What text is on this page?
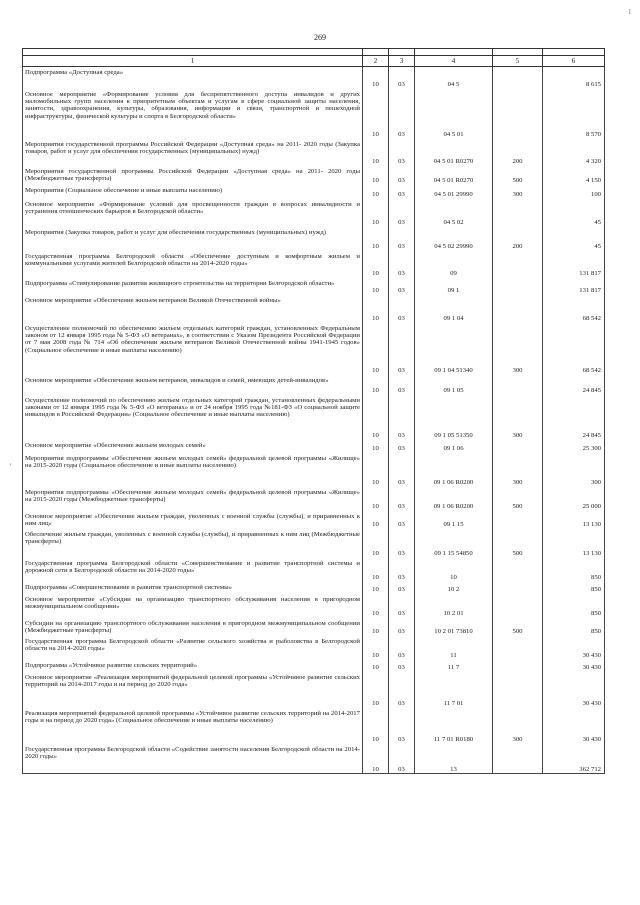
269
1
'

1	2	3	4	5	6
Подпрограмма «Доступная среда»	10	03	04 5		8 615
Основное мероприятие «Формирование условия для беспрепятственного доступа инвалидов и других маломобильных групп населения к приоритетным объектам и услугам в сфере социальной защиты населения, занятости, здравоохранения, культуры, образования, информации и связи, транспортной и пешеходной инфраструктуры, физической культуры и спорта в Белгородской области»	10	03	04 5 01		8 570
Мероприятия государственной программы Российской Федерации «Доступная среда» на 2011- 2020 годы (Закупка товаров, работ и услуг для обеспечения государственных (муниципальных) нужд)	10	03	04 5 01 R0270	200	4 320
Мероприятия государственной программы Российской Федерации «Доступная среда» на 2011- 2020 годы (Межбюджетные трансферты)	10	03	04 5 01 R0270	500	4 150
Мероприятия (Социальное обеспечение и иные выплаты населению)	10	03	04 5 01 29990	300	100
Основное мероприятие «Формирование условий для просвещенности граждан в вопросах инвалидности и устранения отношенческих барьеров в Белгородской области»	10	03	04 5 02		45
Мероприятия (Закупка товаров, работ и услуг для обеспечения государственных (муниципальных) нужд)	10	03	04 5 02 29990	200	45
Государственная программа Белгородской области «Обеспечение доступным и комфортным жильем и коммунальными услугами жителей Белгородской области на 2014-2020 годы»	10	03	09		131 817
Подпрограмма «Стимулирование развития жилищного строительства на территории Белгородской области»	10	03	09 1		131 817
Основное мероприятие «Обеспечение жильем ветеранов Великой Отечественной войны»	10	03	09 1 04		68 542
Осуществление полномочий по обеспечению жильем отдельных категорий граждан, установленных Федеральным законом от 12 января 1995 года № 5-ФЗ «О ветеранах», в соответствии с Указом Президента Российской Федерации от 7 мая 2008 года № 714 «Об обеспечении жильем ветеранов Великой Отечественной войны 1941-1945 годов» (Социальное обеспечение и иные выплаты населению)	10	03	09 1 04 51340	300	68 542
Основное мероприятие «Обеспечение жильем ветеранов, инвалидов и семей, имеющих детей-инвалидов»	10	03	09 1 05		24 845
Осуществление полномочий по обеспечению жильем отдельных категорий граждан, установленных федеральными законами от 12 января 1995 года № 5-ФЗ «О ветеранах» и от 24 ноября 1995 года №181-ФЗ «О социальной защите инвалидов в Российской Федерации» (Социальное обеспечение и иные выплаты населению)	10	03	09 1 05 51350	300	24 845
Основное мероприятие «Обеспечение жильем молодых семей»	10	03	09 1 06		25 300
Мероприятия подпрограммы «Обеспечение жильем молодых семей» федеральной целевой программы «Жилище» на 2015-2020 годы (Социальное обеспечение и иные выплаты населению)	10	03	09 1 06 R0200	300	300
Мероприятия подпрограммы «Обеспечение жильем молодых семей» федеральной целевой программы «Жилище» на 2015-2020 годы (Межбюджетные трансферты)	10	03	09 1 06 R0200	500	25 000
Основное мероприятие «Обеспечение жильем граждан, уволенных с военной службы (службы), и приравненных к ним лиц»	10	03	09 1 15		13 130
Обеспечение жильем граждан, уволенных с военной службы (службы), и приравненных к ним лиц (Межбюджетные трансферты)	10	03	09 1 15 54850	500	13 130
Государственная программа Белгородской области «Совершенствование и развитие транспортной системы и дорожной сети в Белгородской области на 2014-2020 годы»	10	03	10		850
Подпрограмма «Совершенствование и развитие транспортной системы»	10	03	10 2		850
Основное мероприятие «Субсидии на организацию транспортного обслуживания населения в пригородном межмуниципальном сообщении»	10	03	10 2 01		850
Субсидии на организацию транспортного обслуживания населения в пригородном межмуниципальном сообщении (Межбюджетные трансферты)	10	03	10 2 01 73810	500	850
Государственная программа Белгородской области «Развитие сельского хозяйства и рыболовства в Белгородской области на 2014-2020 годы»	10	03	11		30 430
Подпрограмма «Устойчивое развитие сельских территорий»	10	03	11 7		30 430
Основное мероприятие «Реализация мероприятий федеральной целевой программы «Устойчивое развитие сельских территорий на 2014-2017 годы и на период до 2020 года»	10	03	11 7 01		30 430
Реализация мероприятий федеральной целевой программы «Устойчивое развитие сельских территорий на 2014-2017 годы и на период до 2020 года» (Социальное обеспечение и иные выплаты населению)	10	03	11 7 01 R0180	300	30 430
Государственная программа Белгородской области «Содействие занятости населения Белгородской области на 2014-2020 годы»	10	03	13		362 712
